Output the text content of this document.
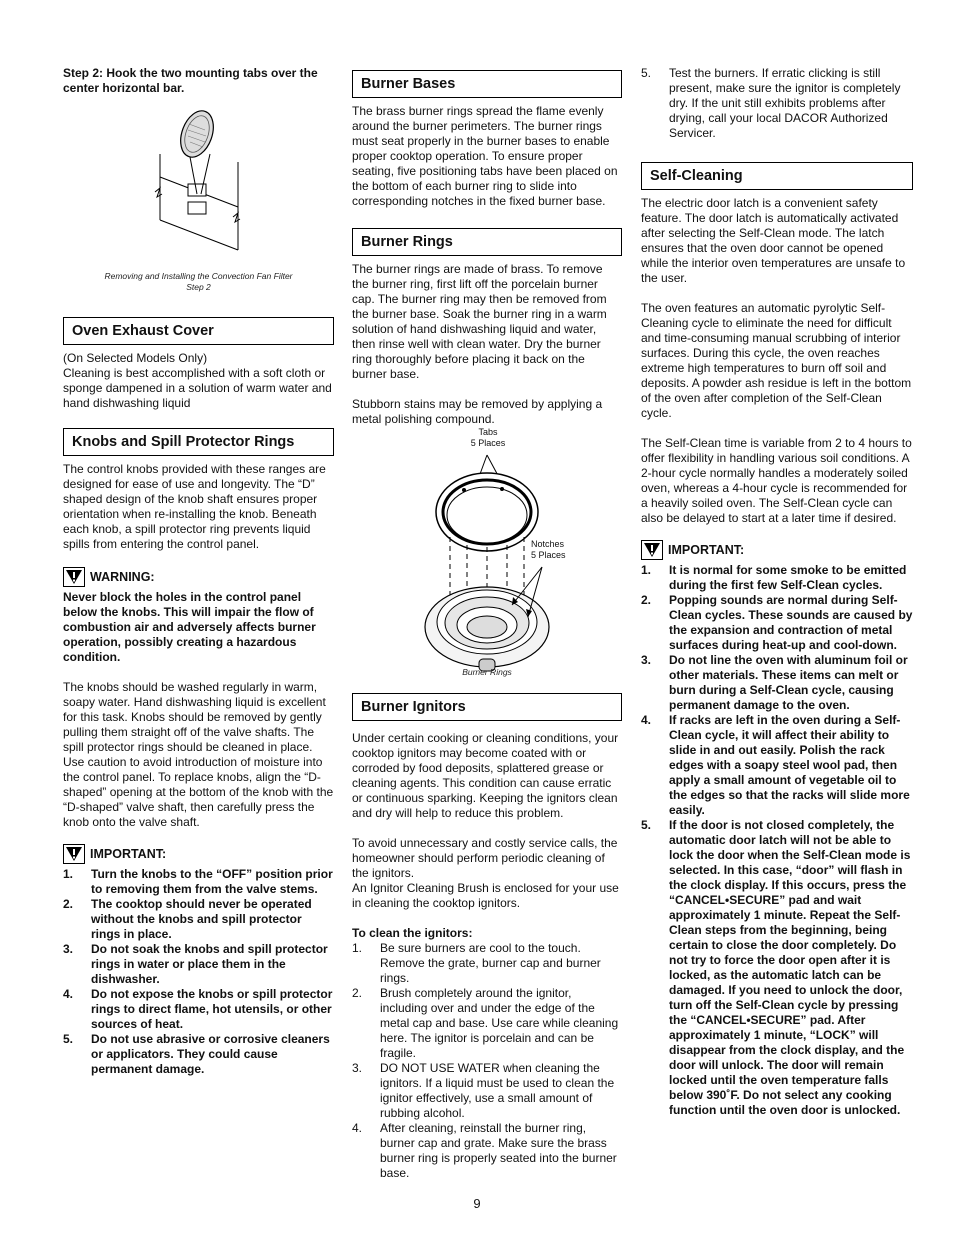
Step 2: Hook the two mounting tabs over the center horizontal bar.

Removing and Installing the Convection Fan Filter
Step 2

Oven Exhaust Cover

(On Selected Models Only)

Cleaning is best accomplished with a soft cloth or sponge dampened in a solution of warm water and hand dishwashing liquid

Knobs and Spill Protector Rings

The control knobs provided with these ranges are designed for ease of use and longevity. The “D” shaped design of the knob shaft ensures proper orientation when re-installing the knob. Beneath each knob, a spill protector ring prevents liquid spills from entering the control panel.

WARNING:

Never block the holes in the control panel below the knobs. This will impair the flow of combustion air and adversely affects burner operation, possibly creating a hazardous condition.

The knobs should be washed regularly in warm, soapy water. Hand dishwashing liquid is excellent for this task. Knobs should be removed by gently pulling them straight off of the valve shafts. The spill protector rings should be cleaned in place. Use caution to avoid introduction of moisture into the control panel. To replace knobs, align the “D-shaped” opening at the bottom of the knob with the “D-shaped” valve shaft, then carefully press the knob onto the valve shaft.

IMPORTANT:
1.	Turn the knobs to the “OFF” position prior to removing them from the valve stems.
2.	The cooktop should never be operated without the knobs and spill protector rings in place.
3.	Do not soak the knobs and spill protector rings in water or place them in the dishwasher.
4.	Do not expose the knobs or spill protector rings to direct flame, hot utensils, or other sources of heat.
5.	Do not use abrasive or corrosive cleaners or applicators. They could cause permanent damage.
Burner Bases

The brass burner rings spread the flame evenly around the burner perimeters. The burner rings must seat properly in the burner bases to enable proper cooktop operation. To ensure proper seating, five positioning tabs have been placed on the bottom of each burner ring to slide into corresponding notches in the fixed burner base.

Burner Rings

The burner rings are made of brass. To remove the burner ring, first lift off the porcelain burner cap. The burner ring may then be removed from the burner base. Soak the burner ring in a warm solution of hand dishwashing liquid and water, then rinse well with clean water. Dry the burner ring thoroughly before placing it back on the burner base.

Stubborn stains may be removed by applying a metal polishing compound.

Tabs
5 Places
Notches
5 Places

Burner Rings

Burner Ignitors

Under certain cooking or cleaning conditions, your cooktop ignitors may become coated with or corroded by food deposits, splattered grease or cleaning agents. This condition can cause erratic or continuous sparking. Keeping the ignitors clean and dry will help to reduce this problem.

To avoid unnecessary and costly service calls, the homeowner should perform periodic cleaning of the ignitors.

An Ignitor Cleaning Brush is enclosed for your use in cleaning the cooktop ignitors.

To clean the ignitors:

1.	Be sure burners are cool to the touch. Remove the grate, burner cap and burner rings.
2.	Brush completely around the ignitor, including over and under the edge of the metal cap and base. Use care while cleaning here. The ignitor is porcelain and can be fragile.
3.	DO NOT USE WATER when cleaning the ignitors. If a liquid must be used to clean the ignitor effectively, use a small amount of rubbing alcohol.
4.	After cleaning, reinstall the burner ring, burner cap and grate. Make sure the brass burner ring is properly seated into the burner base.
5.	Test the burners. If erratic clicking is still present, make sure the ignitor is completely dry. If the unit still exhibits problems after drying, call your local DACOR Authorized Servicer.
Self-Cleaning

The electric door latch is a convenient safety feature. The door latch is automatically activated after selecting the Self-Clean mode. The latch ensures that the oven door cannot be opened while the interior oven temperatures are unsafe to the user.

The oven features an automatic pyrolytic Self-Cleaning cycle to eliminate the need for difficult and time-consuming manual scrubbing of interior surfaces. During this cycle, the oven reaches extreme high temperatures to burn off soil and deposits. A powder ash residue is left in the bottom of the oven after completion of the Self-Clean cycle.

The Self-Clean time is variable from 2 to 4 hours to offer flexibility in handling various soil conditions. A 2-hour cycle normally handles a moderately soiled oven, whereas a 4-hour cycle is recommended for a heavily soiled oven. The Self-Clean cycle can also be delayed to start at a later time if desired.

IMPORTANT:
1.	It is normal for some smoke to be emitted during the first few Self-Clean cycles.
2.	Popping sounds are normal during Self-Clean cycles. These sounds are caused by the expansion and contraction of metal surfaces during heat-up and cool-down.
3.	Do not line the oven with aluminum foil or other materials. These items can melt or burn during a Self-Clean cycle, causing permanent damage to the oven.
4.	If racks are left in the oven during a Self-Clean cycle, it will affect their ability to slide in and out easily. Polish the rack edges with a soapy steel wool pad, then apply a small amount of vegetable oil to the edges so that the racks will slide more easily.
5.	If the door is not closed completely, the automatic door latch will not be able to lock the door when the Self-Clean mode is selected. In this case, “door” will flash in the clock display. If this occurs, press the “CANCEL•SECURE” pad and wait approximately 1 minute. Repeat the Self-Clean steps from the beginning, being certain to close the door completely. Do not try to force the door open after it is locked, as the automatic latch can be damaged. If you need to unlock the door, turn off the Self-Clean cycle by pressing the “CANCEL•SECURE” pad. After approximately 1 minute, “LOCK” will disappear from the clock display, and the door will unlock. The door will remain locked until the oven temperature falls below 390˚F. Do not select any cooking function until the oven door is unlocked.
9
